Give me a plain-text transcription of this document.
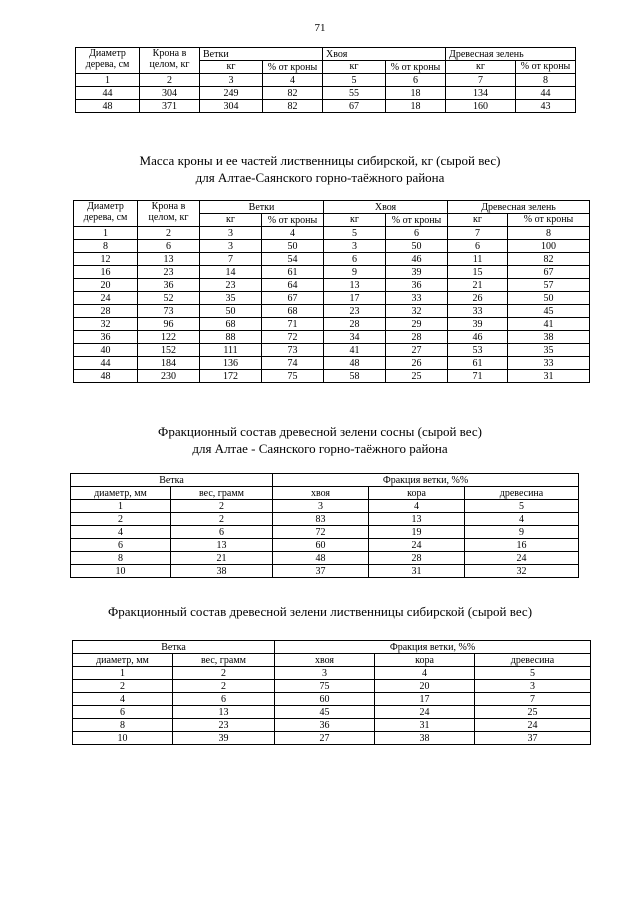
71
Диаметр дерева, см	Крона в целом, кг	Ветки		Хвоя		Древесная зелень	
		кг	% от кроны	кг	% от кроны	кг	% от кроны
1	2	3	4	5	6	7	8
44	304	249	82	55	18	134	44
48	371	304	82	67	18	160	43
Масса кроны и ее частей лиственницы сибирской, кг (сырой вес)
для Алтае-Саянского горно-таёжного района
Диаметр дерева, см	Крона в целом, кг	Ветки		Хвоя		Древесная зелень	
		кг	% от кроны	кг	% от кроны	кг	% от кроны
1	2	3	4	5	6	7	8
8	6	3	50	3	50	6	100
12	13	7	54	6	46	11	82
16	23	14	61	9	39	15	67
20	36	23	64	13	36	21	57
24	52	35	67	17	33	26	50
28	73	50	68	23	32	33	45
32	96	68	71	28	29	39	41
36	122	88	72	34	28	46	38
40	152	111	73	41	27	53	35
44	184	136	74	48	26	61	33
48	230	172	75	58	25	71	31
Фракционный состав древесной зелени сосны (сырой вес)
для Алтае - Саянского горно-таёжного района
Ветка		Фракция ветки, %%		
диаметр, мм	вес, грамм	хвоя	кора	древесина
1	2	3	4	5
2	2	83	13	4
4	6	72	19	9
6	13	60	24	16
8	21	48	28	24
10	38	37	31	32
Фракционный состав древесной зелени лиственницы сибирской (сырой вес)
Ветка		Фракция ветки, %%		
диаметр, мм	вес, грамм	хвоя	кора	древесина
1	2	3	4	5
2	2	75	20	3
4	6	60	17	7
6	13	45	24	25
8	23	36	31	24
10	39	27	38	37
